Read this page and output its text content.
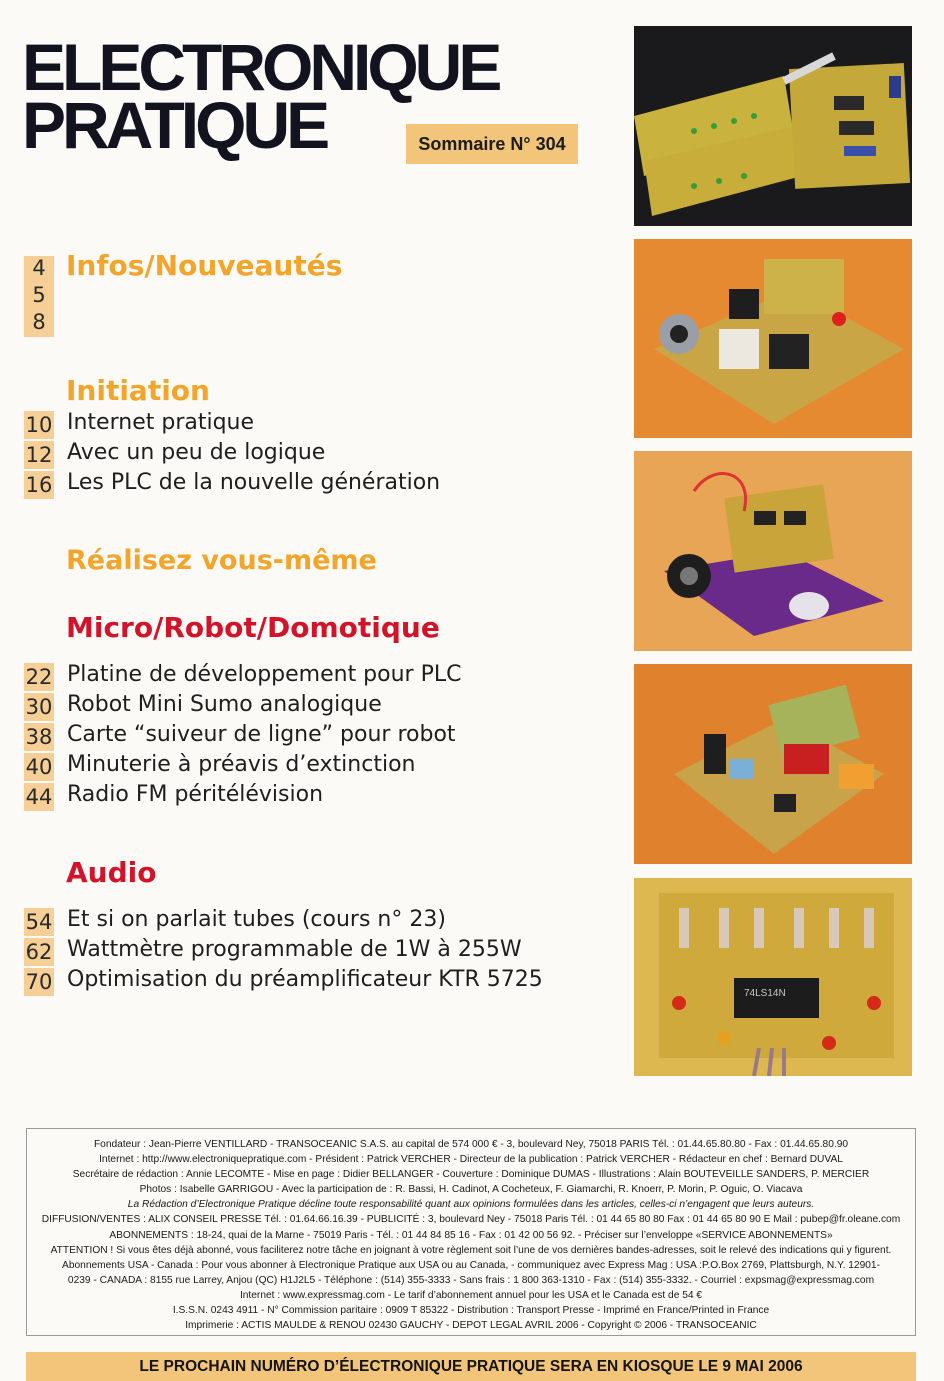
ELECTRONIQUE
PRATIQUE	Sommaire N° 304
4
5
8
Infos/Nouveautés
Initiation
10 Internet pratique
12 Avec un peu de logique
16 Les PLC de la nouvelle génération
Réalisez vous-même
Micro/Robot/Domotique
22 Platine de développement pour PLC
30 Robot Mini Sumo analogique
38 Carte “suiveur de ligne” pour robot
40 Minuterie à préavis d’extinction
44 Radio FM péritélévision
Audio
54 Et si on parlait tubes (cours n° 23)
62 Wattmètre programmable de 1W à 255W
70 Optimisation du préamplificateur KTR 5725
74LS14N
Fondateur : Jean-Pierre VENTILLARD - TRANSOCEANIC S.A.S. au capital de 574 000 € - 3, boulevard Ney, 75018 PARIS Tél. : 01.44.65.80.80 - Fax : 01.44.65.80.90
Internet : http://www.electroniquepratique.com - Président : Patrick VERCHER - Directeur de la publication : Patrick VERCHER - Rédacteur en chef : Bernard DUVAL
Secrétaire de rédaction : Annie LECOMTE - Mise en page : Didier BELLANGER - Couverture : Dominique DUMAS - Illustrations : Alain BOUTEVEILLE SANDERS, P. MERCIER
Photos : Isabelle GARRIGOU - Avec la participation de : R. Bassi, H. Cadinot, A Cocheteux, F. Giamarchi, R. Knoerr, P. Morin, P. Oguic, O. Viacava
La Rédaction d’Electronique Pratique décline toute responsabilité quant aux opinions formulées dans les articles, celles-ci n’engagent que leurs auteurs.
DIFFUSION/VENTES : ALIX CONSEIL PRESSE Tél. : 01.64.66.16.39 - PUBLICITÉ : 3, boulevard Ney - 75018 Paris Tél. : 01 44 65 80 80 Fax : 01 44 65 80 90 E Mail : pubep@fr.oleane.com
ABONNEMENTS : 18-24, quai de la Marne - 75019 Paris - Tél. : 01 44 84 85 16 - Fax : 01 42 00 56 92. - Préciser sur l’enveloppe «SERVICE ABONNEMENTS»
ATTENTION ! Si vous êtes déjà abonné, vous faciliterez notre tâche en joignant à votre règlement soit l’une de vos dernières bandes-adresses, soit le relevé des indications qui y figurent.
Abonnements USA - Canada : Pour vous abonner à Electronique Pratique aux USA ou au Canada, - communiquez avec Express Mag : USA :P.O.Box 2769, Plattsburgh, N.Y. 12901-
0239 - CANADA : 8155 rue Larrey, Anjou (QC) H1J2L5 - Téléphone : (514) 355-3333 - Sans frais : 1 800 363-1310 - Fax : (514) 355-3332. - Courriel : expsmag@expressmag.com
Internet : www.expressmag.com - Le tarif d’abonnement annuel pour les USA et le Canada est de 54 €
I.S.S.N. 0243 4911 - N° Commission paritaire : 0909 T 85322 - Distribution : Transport Presse - Imprimé en France/Printed in France
Imprimerie : ACTIS MAULDE & RENOU 02430 GAUCHY - DEPOT LEGAL AVRIL 2006 - Copyright © 2006 - TRANSOCEANIC
LE PROCHAIN NUMÉRO D’ÉLECTRONIQUE PRATIQUE SERA EN KIOSQUE LE 9 MAI 2006
